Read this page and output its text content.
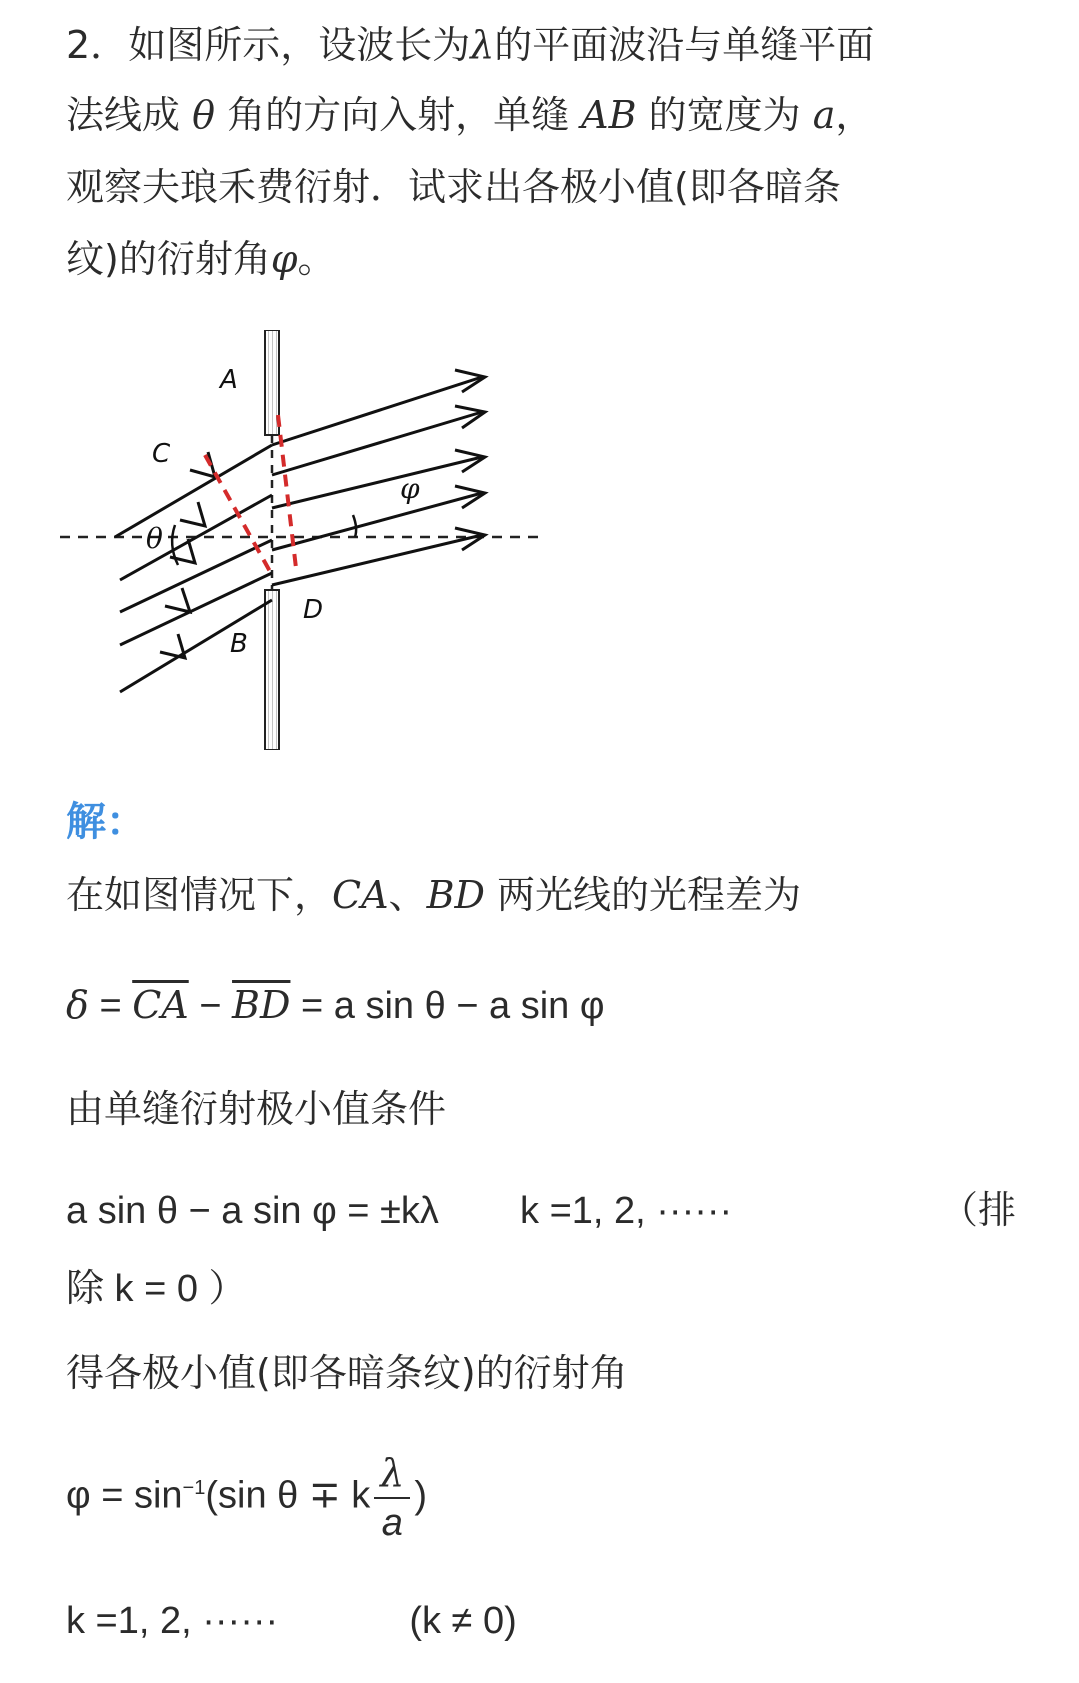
2．如图所示，设波长为λ的平面波沿与单缝平面
法线成 θ 角的方向入射，单缝 AB 的宽度为 a，
观察夫琅禾费衍射．试求出各极小值(即各暗条
纹)的衍射角φ。
A
C
D
B
θ
φ
解：
在如图情况下，CA、BD 两光线的光程差为
$\delta = \overline{CA} - \overline{BD} = a$ sin θ − a sin φ
由单缝衍射极小值条件
a sin θ − a sin φ = ±kλ k =1, 2, ······	（排
除 k = 0 ）
得各极小值(即各暗条纹)的衍射角
$\varphi = \sin^{-1}(\sin$ θ ∓ k $\frac{\lambda}{a}$ )
k =1, 2, ······	(k ≠ 0)
